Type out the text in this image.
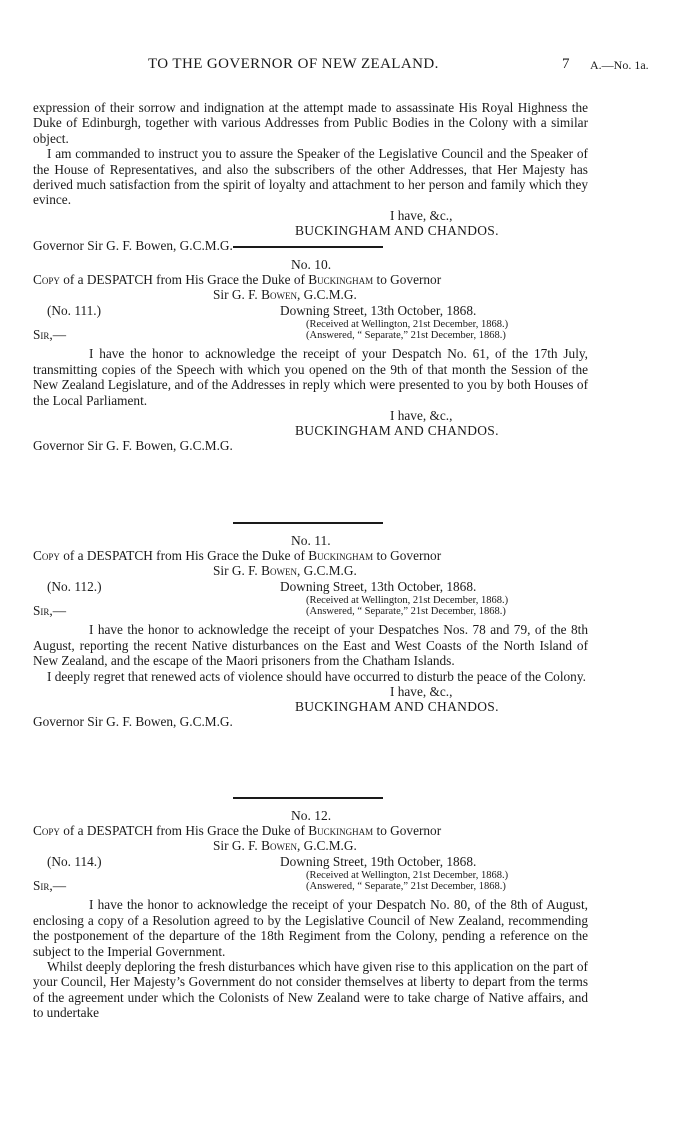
TO THE GOVERNOR OF NEW ZEALAND.	7 A.—No. 1a.

expression of their sorrow and indignation at the attempt made to assassinate His Royal Highness the Duke of Edinburgh, together with various Addresses from Public Bodies in the Colony with a similar object.

I am commanded to instruct you to assure the Speaker of the Legislative Council and the Speaker of the House of Representatives, and also the subscribers of the other Addresses, that Her Majesty has derived much satisfaction from the spirit of loyalty and attachment to her person and family which they evince.

I have, &c.,
BUCKINGHAM AND CHANDOS.
Governor Sir G. F. Bowen, G.C.M.G.
No. 10.
Copy of a DESPATCH from His Grace the Duke of Buckingham to Governor
Sir G. F. Bowen, G.C.M.G.
(No. 111.)	Downing Street, 13th October, 1868.
(Received at Wellington, 21st December, 1868.)
Sir,—	(Answered, “ Separate,” 21st December, 1868.)

I have the honor to acknowledge the receipt of your Despatch No. 61, of the 17th July, transmitting copies of the Speech with which you opened on the 9th of that month the Session of the New Zealand Legislature, and of the Addresses in reply which were presented to you by both Houses of the Local Parliament.

I have, &c.,
BUCKINGHAM AND CHANDOS.
Governor Sir G. F. Bowen, G.C.M.G.
No. 11.
Copy of a DESPATCH from His Grace the Duke of Buckingham to Governor
Sir G. F. Bowen, G.C.M.G.
(No. 112.)	Downing Street, 13th October, 1868.
(Received at Wellington, 21st December, 1868.)
Sir,—	(Answered, “ Separate,” 21st December, 1868.)

I have the honor to acknowledge the receipt of your Despatches Nos. 78 and 79, of the 8th August, reporting the recent Native disturbances on the East and West Coasts of the North Island of New Zealand, and the escape of the Maori prisoners from the Chatham Islands.

I deeply regret that renewed acts of violence should have occurred to disturb the peace of the Colony.

I have, &c.,
BUCKINGHAM AND CHANDOS.
Governor Sir G. F. Bowen, G.C.M.G.
No. 12.
Copy of a DESPATCH from His Grace the Duke of Buckingham to Governor
Sir G. F. Bowen, G.C.M.G.
(No. 114.)	Downing Street, 19th October, 1868.
(Received at Wellington, 21st December, 1868.)
Sir,—	(Answered, “ Separate,” 21st December, 1868.)

I have the honor to acknowledge the receipt of your Despatch No. 80, of the 8th of August, enclosing a copy of a Resolution agreed to by the Legislative Council of New Zealand, recommending the postponement of the departure of the 18th Regiment from the Colony, pending a reference on the subject to the Imperial Government.

Whilst deeply deploring the fresh disturbances which have given rise to this application on the part of your Council, Her Majesty’s Government do not consider themselves at liberty to depart from the terms of the agreement under which the Colonists of New Zealand were to take charge of Native affairs, and to undertake
